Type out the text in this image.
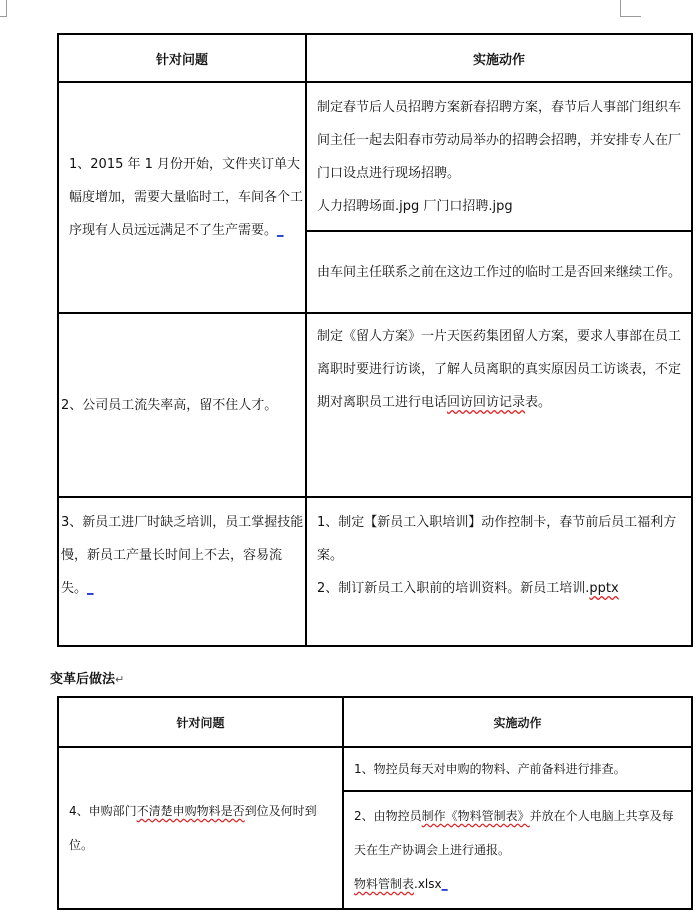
针对问题	实施动作
1、2015 年 1 月份开始，文件夹订单大幅度增加，需要大量临时工，车间各个工序现有人员远远满足不了生产需要。_	制定春节后人员招聘方案新春招聘方案，春节后人事部门组织车间主任一起去阳春市劳动局举办的招聘会招聘，并安排专人在厂门口设点进行现场招聘。
人力招聘场面.jpg 厂门口招聘.jpg

	由车间主任联系之前在这边工作过的临时工是否回来继续工作。

2、公司员工流失率高，留不住人才。	制定《留人方案》一片天医药集团留人方案，要求人事部在员工离职时要进行访谈，了解人员离职的真实原因员工访谈表，不定期对离职员工进行电话回访回访记录表。
3、新员工进厂时缺乏培训，员工掌握技能慢，新员工产量长时间上不去，容易流失。_	1、制定【新员工入职培训】动作控制卡，春节前后员工福利方案。
2、制订新员工入职前的培训资料。新员工培训.pptx
变革后做法↵
针对问题	实施动作
4、申购部门不清楚申购物料是否到位及何时到位。	1、物控员每天对申购的物料、产前备料进行排查。

	2、由物控员制作《物料管制表》并放在个人电脑上共享及每天在生产协调会上进行通报。
物料管制表.xlsx_
